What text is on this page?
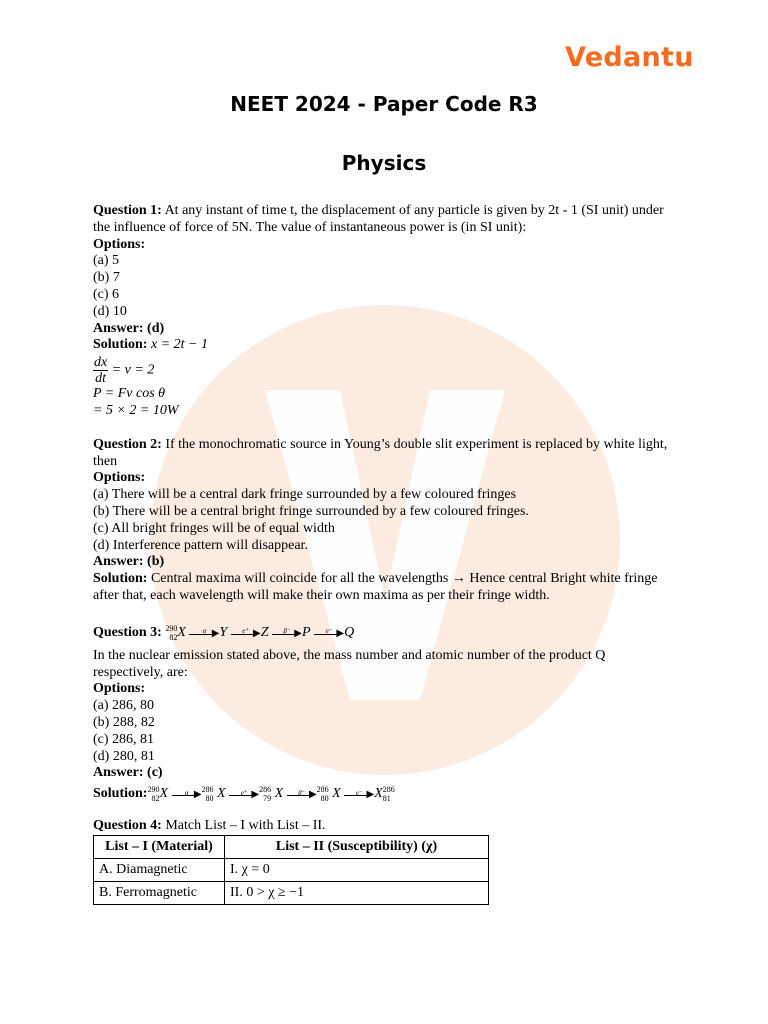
Vedantu
NEET 2024 - Paper Code R3
Physics

Question 1: At any instant of time t, the displacement of any particle is given by 2t - 1 (SI unit) under the influence of force of 5N. The value of instantaneous power is (in SI unit):

Options:

(a) 5

(b) 7

(c) 6

(d) 10

Answer: (d)

Solution: x = 2t − 1

$\frac{dx}{dt} = v = 2$

P = Fv cos θ

= 5 × 2 = 10W

Question 2: If the monochromatic source in Young’s double slit experiment is replaced by white light, then

Options:

(a) There will be a central dark fringe surrounded by a few coloured fringes

(b) There will be a central bright fringe surrounded by a few coloured fringes.

(c) All bright fringes will be of equal width

(d) Interference pattern will disappear.

Answer: (b)

Solution: Central maxima will coincide for all the wavelengths → Hence central Bright white fringe after that, each wavelength will make their own maxima as per their fringe width.

Question 3: 290
82X	α ▶ Y	e⁺ ▶ Z	β⁻ ▶ P	e⁻ ▶ Q

In the nuclear emission stated above, the mass number and atomic number of the product Q respectively, are:

Options:

(a) 286, 80

(b) 288, 82

(c) 286, 81

(d) 280, 81

Answer: (c)

Solution:290
82X	α ▶ 286
80 X	e⁺ ▶ 286
79 X	β⁻ ▶ 286
80 X	e⁻ ▶ X286
81

Question 4: Match List – I with List – II.

List – I (Material)	List – II (Susceptibility) (χ)
A. Diamagnetic	I. χ = 0
B. Ferromagnetic	II. 0 > χ ≥ −1
